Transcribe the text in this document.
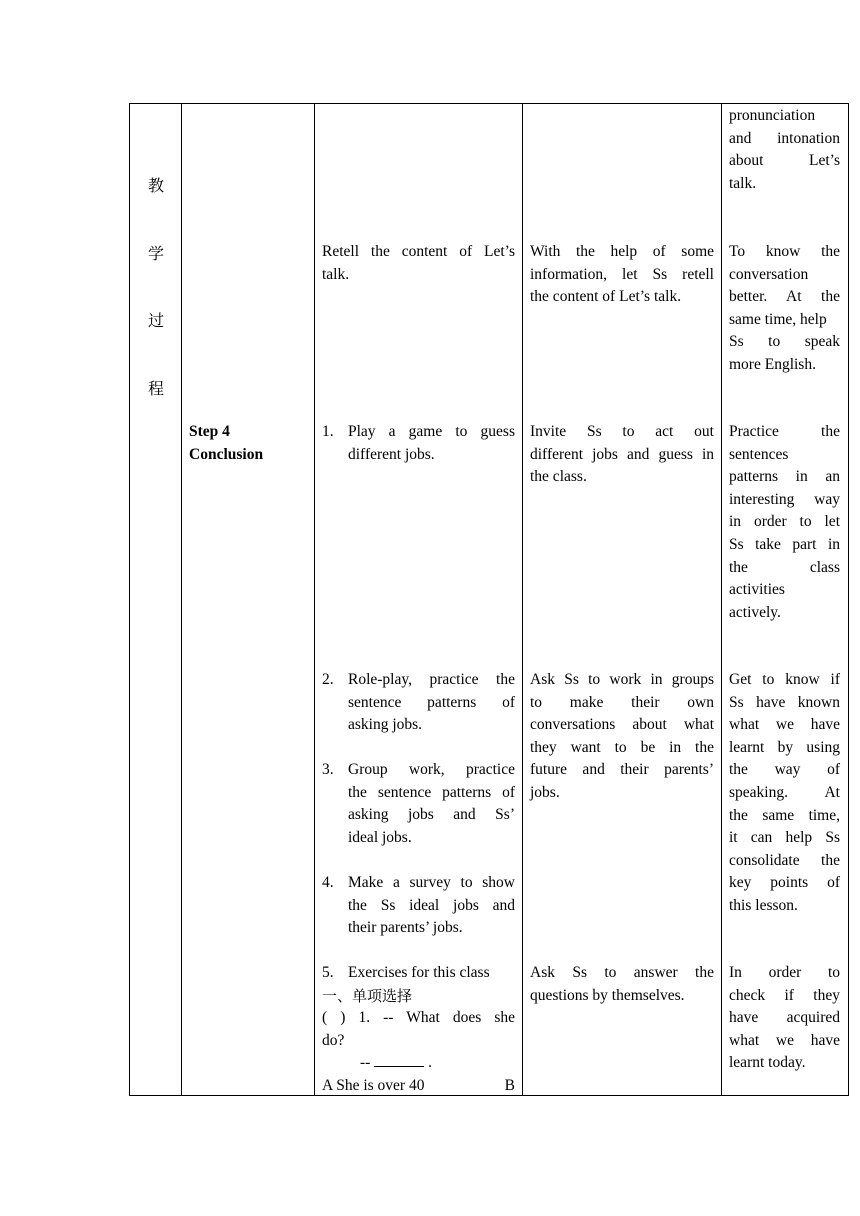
教
学
过
程
Step 4
Conclusion
pronunciation
and intonation
about Let’s
talk.
Retell the content of Let’s
talk.
With the help of some
information, let Ss retell
the content of Let’s talk.
To know the
conversation
better. At the
same time, help
Ss to speak
more English.
1. Play a game to guess
different jobs.
Invite Ss to act out
different jobs and guess in
the class.
Practice the
sentences
patterns in an
interesting way
in order to let
Ss take part in
the class
activities
actively.
2. Role-play, practice the
sentence patterns of
asking jobs.
3. Group work, practice
the sentence patterns of
asking jobs and Ss’
ideal jobs.
4. Make a survey to show
the Ss ideal jobs and
their parents’ jobs.
Ask Ss to work in groups
to make their own
conversations about what
they want to be in the
future and their parents’
jobs.
Get to know if
Ss have known
what we have
learnt by using
the way of
speaking. At
the same time,
it can help Ss
consolidate the
key points of
this lesson.
5. Exercises for this class
一、单项选择
( ) 1. -- What does she
do?
--	.
A She is over 40	B
Ask Ss to answer the
questions by themselves.
In order to
check if they
have acquired
what we have
learnt today.
